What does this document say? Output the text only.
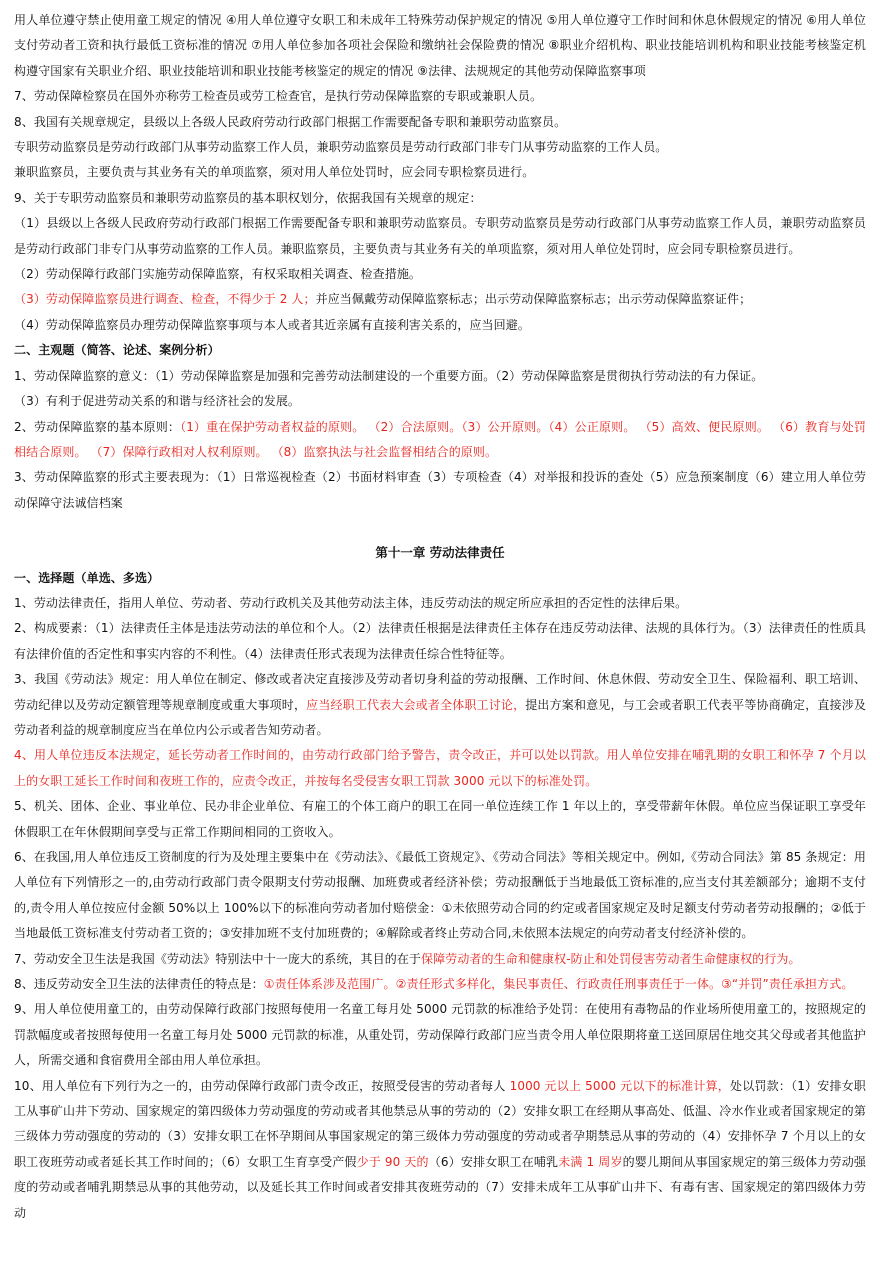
用人单位遵守禁止使用童工规定的情况 ④用人单位遵守女职工和未成年工特殊劳动保护规定的情况 ⑤用人单位遵守工作时间和休息休假规定的情况 ⑥用人单位支付劳动者工资和执行最低工资标准的情况 ⑦用人单位参加各项社会保险和缴纳社会保险费的情况 ⑧职业介绍机构、职业技能培训机构和职业技能考核鉴定机构遵守国家有关职业介绍、职业技能培训和职业技能考核鉴定的规定的情况 ⑨法律、法规规定的其他劳动保障监察事项

7、劳动保障检察员在国外亦称劳工检查员或劳工检查官，是执行劳动保障监察的专职或兼职人员。

8、我国有关规章规定，县级以上各级人民政府劳动行政部门根据工作需要配备专职和兼职劳动监察员。

专职劳动监察员是劳动行政部门从事劳动监察工作人员，兼职劳动监察员是劳动行政部门非专门从事劳动监察的工作人员。

兼职监察员，主要负责与其业务有关的单项监察，须对用人单位处罚时，应会同专职检察员进行。

9、关于专职劳动监察员和兼职劳动监察员的基本职权划分，依据我国有关规章的规定：

（1）县级以上各级人民政府劳动行政部门根据工作需要配备专职和兼职劳动监察员。专职劳动监察员是劳动行政部门从事劳动监察工作人员，兼职劳动监察员是劳动行政部门非专门从事劳动监察的工作人员。兼职监察员，主要负责与其业务有关的单项监察，须对用人单位处罚时，应会同专职检察员进行。

（2）劳动保障行政部门实施劳动保障监察，有权采取相关调查、检查措施。

（3）劳动保障监察员进行调查、检查，不得少于 2 人；并应当佩戴劳动保障监察标志；出示劳动保障监察标志；出示劳动保障监察证件；

（4）劳动保障监察员办理劳动保障监察事项与本人或者其近亲属有直接利害关系的，应当回避。

二、主观题（简答、论述、案例分析）

1、劳动保障监察的意义：（1）劳动保障监察是加强和完善劳动法制建设的一个重要方面。（2）劳动保障监察是贯彻执行劳动法的有力保证。

（3）有利于促进劳动关系的和谐与经济社会的发展。

2、劳动保障监察的基本原则：（1）重在保护劳动者权益的原则。 （2）合法原则。（3）公开原则。（4）公正原则。 （5）高效、便民原则。 （6）教育与处罚相结合原则。 （7）保障行政相对人权利原则。 （8）监察执法与社会监督相结合的原则。

3、劳动保障监察的形式主要表现为：（1）日常巡视检查（2）书面材料审查（3）专项检查（4）对举报和投诉的查处（5）应急预案制度（6）建立用人单位劳动保障守法诚信档案

第十一章 劳动法律责任

一、选择题（单选、多选）

1、劳动法律责任，指用人单位、劳动者、劳动行政机关及其他劳动法主体，违反劳动法的规定所应承担的否定性的法律后果。

2、构成要素：（1）法律责任主体是违法劳动法的单位和个人。（2）法律责任根据是法律责任主体存在违反劳动法律、法规的具体行为。（3）法律责任的性质具有法律价值的否定性和事实内容的不利性。（4）法律责任形式表现为法律责任综合性特征等。

3、我国《劳动法》规定：用人单位在制定、修改或者决定直接涉及劳动者切身利益的劳动报酬、工作时间、休息休假、劳动安全卫生、保险福利、职工培训、劳动纪律以及劳动定额管理等规章制度或重大事项时，应当经职工代表大会或者全体职工讨论，提出方案和意见，与工会或者职工代表平等协商确定，直接涉及劳动者利益的规章制度应当在单位内公示或者告知劳动者。

4、用人单位违反本法规定，延长劳动者工作时间的，由劳动行政部门给予警告，责令改正，并可以处以罚款。用人单位安排在哺乳期的女职工和怀孕 7 个月以上的女职工延长工作时间和夜班工作的，应责令改正，并按每名受侵害女职工罚款 3000 元以下的标准处罚。

5、机关、团体、企业、事业单位、民办非企业单位、有雇工的个体工商户的职工在同一单位连续工作 1 年以上的，享受带薪年休假。单位应当保证职工享受年休假职工在年休假期间享受与正常工作期间相同的工资收入。

6、在我国,用人单位违反工资制度的行为及处理主要集中在《劳动法》、《最低工资规定》、《劳动合同法》等相关规定中。例如,《劳动合同法》第 85 条规定：用人单位有下列情形之一的,由劳动行政部门责令限期支付劳动报酬、加班费或者经济补偿；劳动报酬低于当地最低工资标准的,应当支付其差额部分；逾期不支付的,责令用人单位按应付金额 50%以上 100%以下的标准向劳动者加付赔偿金：①未依照劳动合同的约定或者国家规定及时足额支付劳动者劳动报酬的；②低于当地最低工资标准支付劳动者工资的；③安排加班不支付加班费的；④解除或者终止劳动合同,未依照本法规定的向劳动者支付经济补偿的。

7、劳动安全卫生法是我国《劳动法》特别法中十一庞大的系统，其目的在于保障劳动者的生命和健康权-防止和处罚侵害劳动者生命健康权的行为。

8、违反劳动安全卫生法的法律责任的特点是：①责任体系涉及范围广。②责任形式多样化，集民事责任、行政责任刑事责任于一体。③“并罚”责任承担方式。

9、用人单位使用童工的，由劳动保障行政部门按照每使用一名童工每月处 5000 元罚款的标准给予处罚：在使用有毒物品的作业场所使用童工的，按照规定的罚款幅度或者按照每使用一名童工每月处 5000 元罚款的标准，从重处罚，劳动保障行政部门应当责令用人单位限期将童工送回原居住地交其父母或者其他监护人，所需交通和食宿费用全部由用人单位承担。

10、用人单位有下列行为之一的，由劳动保障行政部门责令改正，按照受侵害的劳动者每人 1000 元以上 5000 元以下的标准计算，处以罚款：（1）安排女职工从事矿山井下劳动、国家规定的第四级体力劳动强度的劳动或者其他禁忌从事的劳动的（2）安排女职工在经期从事高处、低温、冷水作业或者国家规定的第三级体力劳动强度的劳动的（3）安排女职工在怀孕期间从事国家规定的第三级体力劳动强度的劳动或者孕期禁忌从事的劳动的（4）安排怀孕 7 个月以上的女职工夜班劳动或者延长其工作时间的；（6）女职工生育享受产假少于 90 天的（6）安排女职工在哺乳未满 1 周岁的婴儿期间从事国家规定的第三级体力劳动强度的劳动或者哺乳期禁忌从事的其他劳动，以及延长其工作时间或者安排其夜班劳动的（7）安排未成年工从事矿山井下、有毒有害、国家规定的第四级体力劳动
